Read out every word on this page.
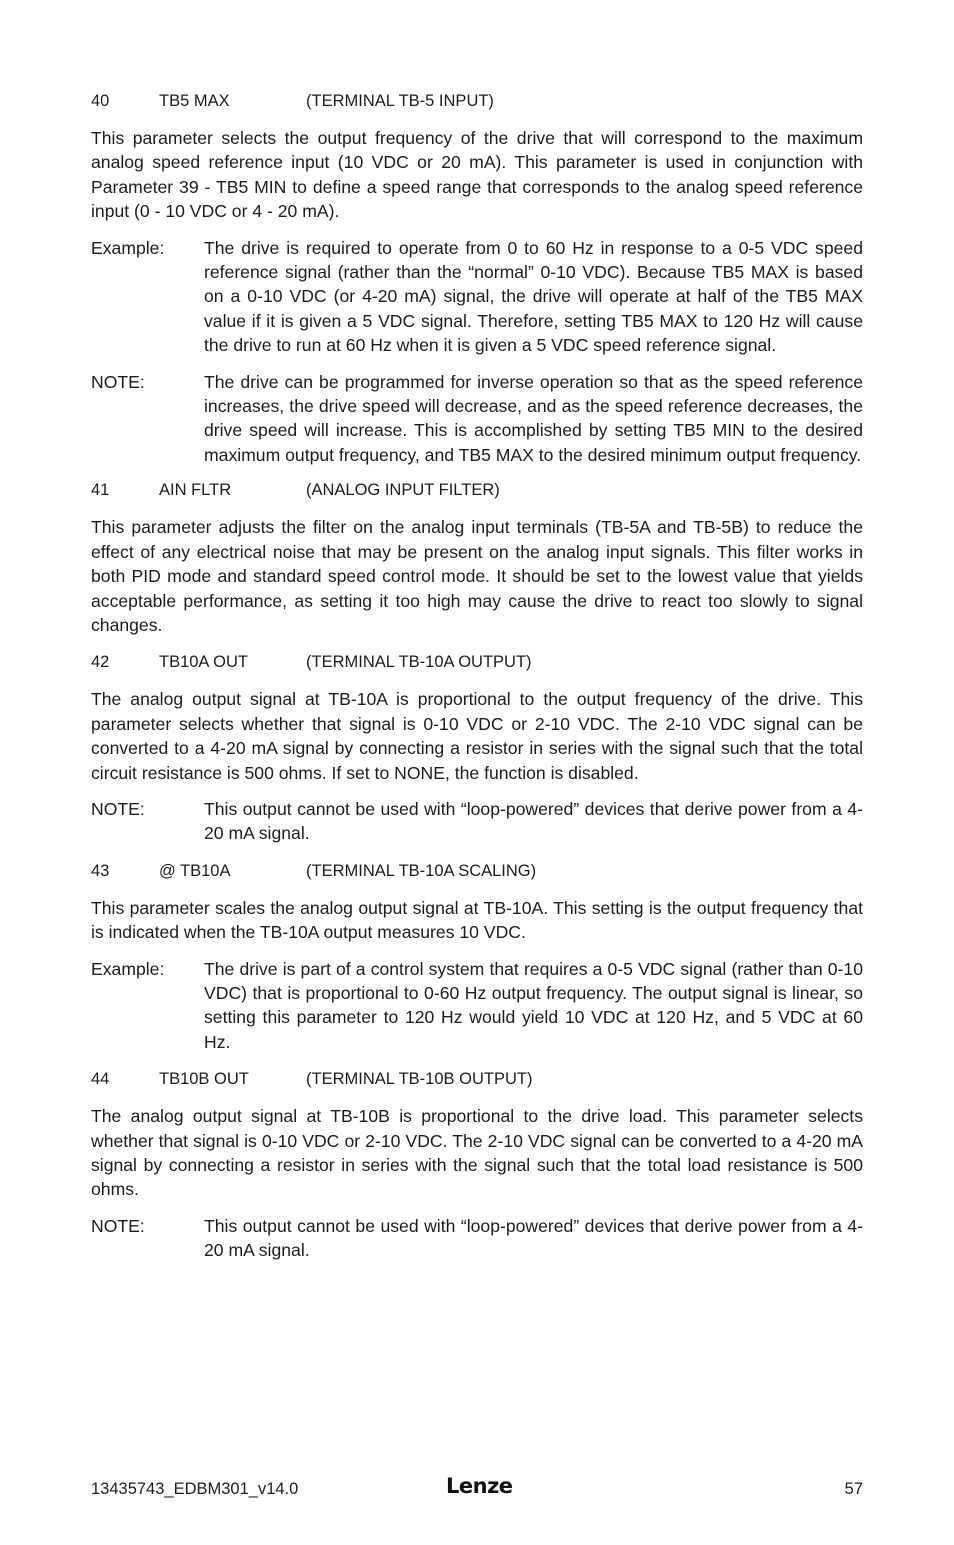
40	TB5 MAX	(TERMINAL TB-5 INPUT)

This parameter selects the output frequency of the drive that will correspond to the maximum analog speed reference input (10 VDC or 20 mA). This parameter is used in conjunction with Parameter 39 - TB5 MIN to define a speed range that corresponds to the analog speed reference input (0 - 10 VDC or 4 - 20 mA).

Example:	The drive is required to operate from 0 to 60 Hz in response to a 0-5 VDC speed reference signal (rather than the “normal” 0-10 VDC). Because TB5 MAX is based on a 0-10 VDC (or 4-20 mA) signal, the drive will operate at half of the TB5 MAX value if it is given a 5 VDC signal. Therefore, setting TB5 MAX to 120 Hz will cause the drive to run at 60 Hz when it is given a 5 VDC speed reference signal.

NOTE:	The drive can be programmed for inverse operation so that as the speed reference increases, the drive speed will decrease, and as the speed reference decreases, the drive speed will increase. This is accomplished by setting TB5 MIN to the desired maximum output frequency, and TB5 MAX to the desired minimum output frequency.

41	AIN FLTR	(ANALOG INPUT FILTER)

This parameter adjusts the filter on the analog input terminals (TB-5A and TB-5B) to reduce the effect of any electrical noise that may be present on the analog input signals. This filter works in both PID mode and standard speed control mode. It should be set to the lowest value that yields acceptable performance, as setting it too high may cause the drive to react too slowly to signal changes.

42	TB10A OUT	(TERMINAL TB-10A OUTPUT)

The analog output signal at TB-10A is proportional to the output frequency of the drive. This parameter selects whether that signal is 0-10 VDC or 2-10 VDC. The 2-10 VDC signal can be converted to a 4-20 mA signal by connecting a resistor in series with the signal such that the total circuit resistance is 500 ohms. If set to NONE, the function is disabled.

NOTE:	This output cannot be used with “loop-powered” devices that derive power from a 4-20 mA signal.

43	@ TB10A	(TERMINAL TB-10A SCALING)

This parameter scales the analog output signal at TB-10A. This setting is the output frequency that is indicated when the TB-10A output measures 10 VDC.

Example:	The drive is part of a control system that requires a 0-5 VDC signal (rather than 0-10 VDC) that is proportional to 0-60 Hz output frequency. The output signal is linear, so setting this parameter to 120 Hz would yield 10 VDC at 120 Hz, and 5 VDC at 60 Hz.

44	TB10B OUT	(TERMINAL TB-10B OUTPUT)

The analog output signal at TB-10B is proportional to the drive load. This parameter selects whether that signal is 0-10 VDC or 2-10 VDC. The 2-10 VDC signal can be converted to a 4-20 mA signal by connecting a resistor in series with the signal such that the total load resistance is 500 ohms.

NOTE:	This output cannot be used with “loop-powered” devices that derive power from a 4-20 mA signal.

13435743_EDBM301_v14.0	Lenze	57
